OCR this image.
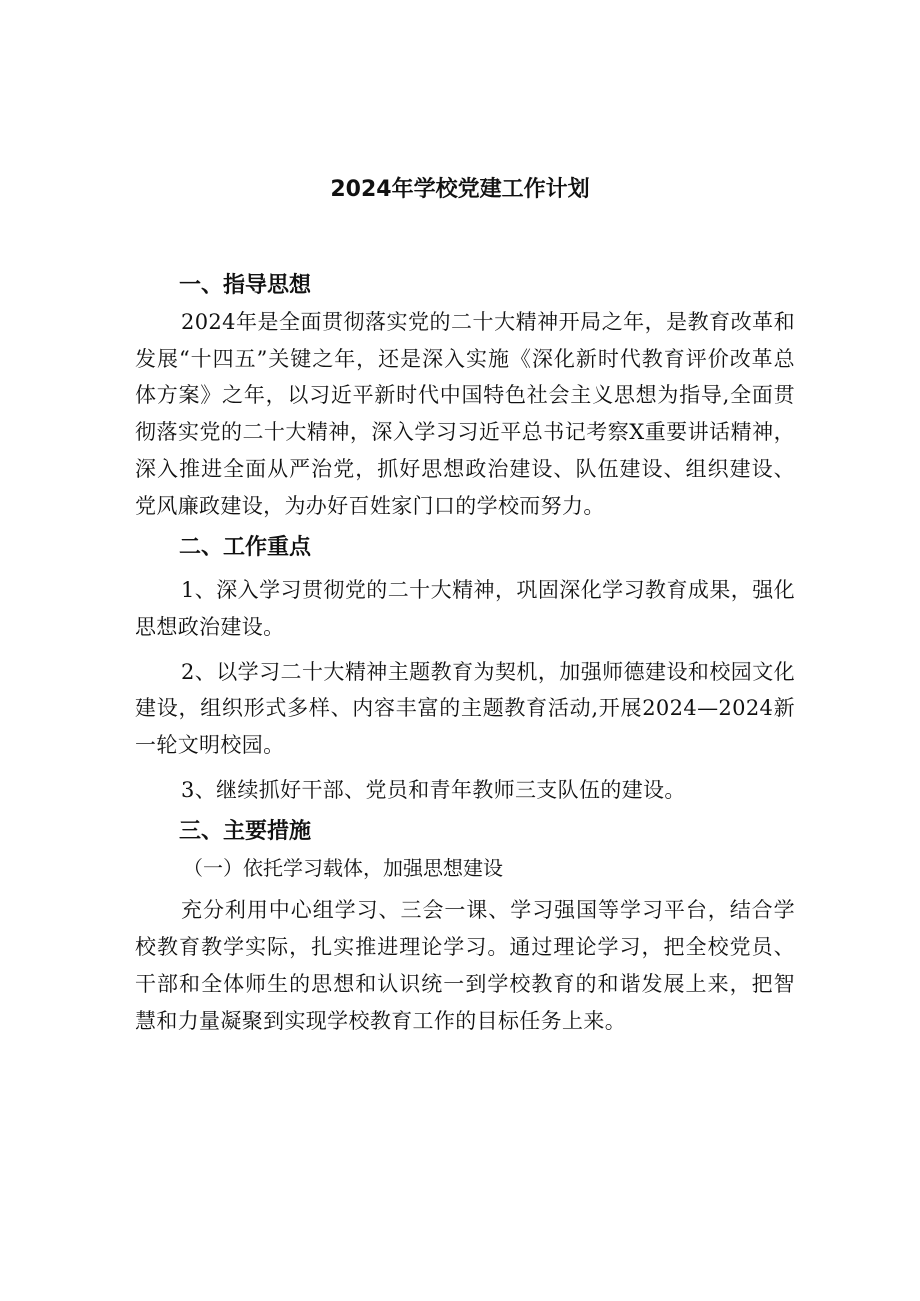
2024年学校党建工作计划
一、指导思想

2024年是全面贯彻落实党的二十大精神开局之年，是教育改革和发展“十四五”关键之年，还是深入实施《深化新时代教育评价改革总体方案》之年，以习近平新时代中国特色社会主义思想为指导,全面贯彻落实党的二十大精神，深入学习习近平总书记考察X重要讲话精神，深入推进全面从严治党，抓好思想政治建设、队伍建设、组织建设、党风廉政建设，为办好百姓家门口的学校而努力。

二、工作重点

1、深入学习贯彻党的二十大精神，巩固深化学习教育成果，强化思想政治建设。

2、以学习二十大精神主题教育为契机，加强师德建设和校园文化建设，组织形式多样、内容丰富的主题教育活动,开展2024—2024新一轮文明校园。

3、继续抓好干部、党员和青年教师三支队伍的建设。

三、主要措施

（一）依托学习载体，加强思想建设

充分利用中心组学习、三会一课、学习强国等学习平台，结合学校教育教学实际，扎实推进理论学习。通过理论学习，把全校党员、干部和全体师生的思想和认识统一到学校教育的和谐发展上来，把智慧和力量凝聚到实现学校教育工作的目标任务上来。
